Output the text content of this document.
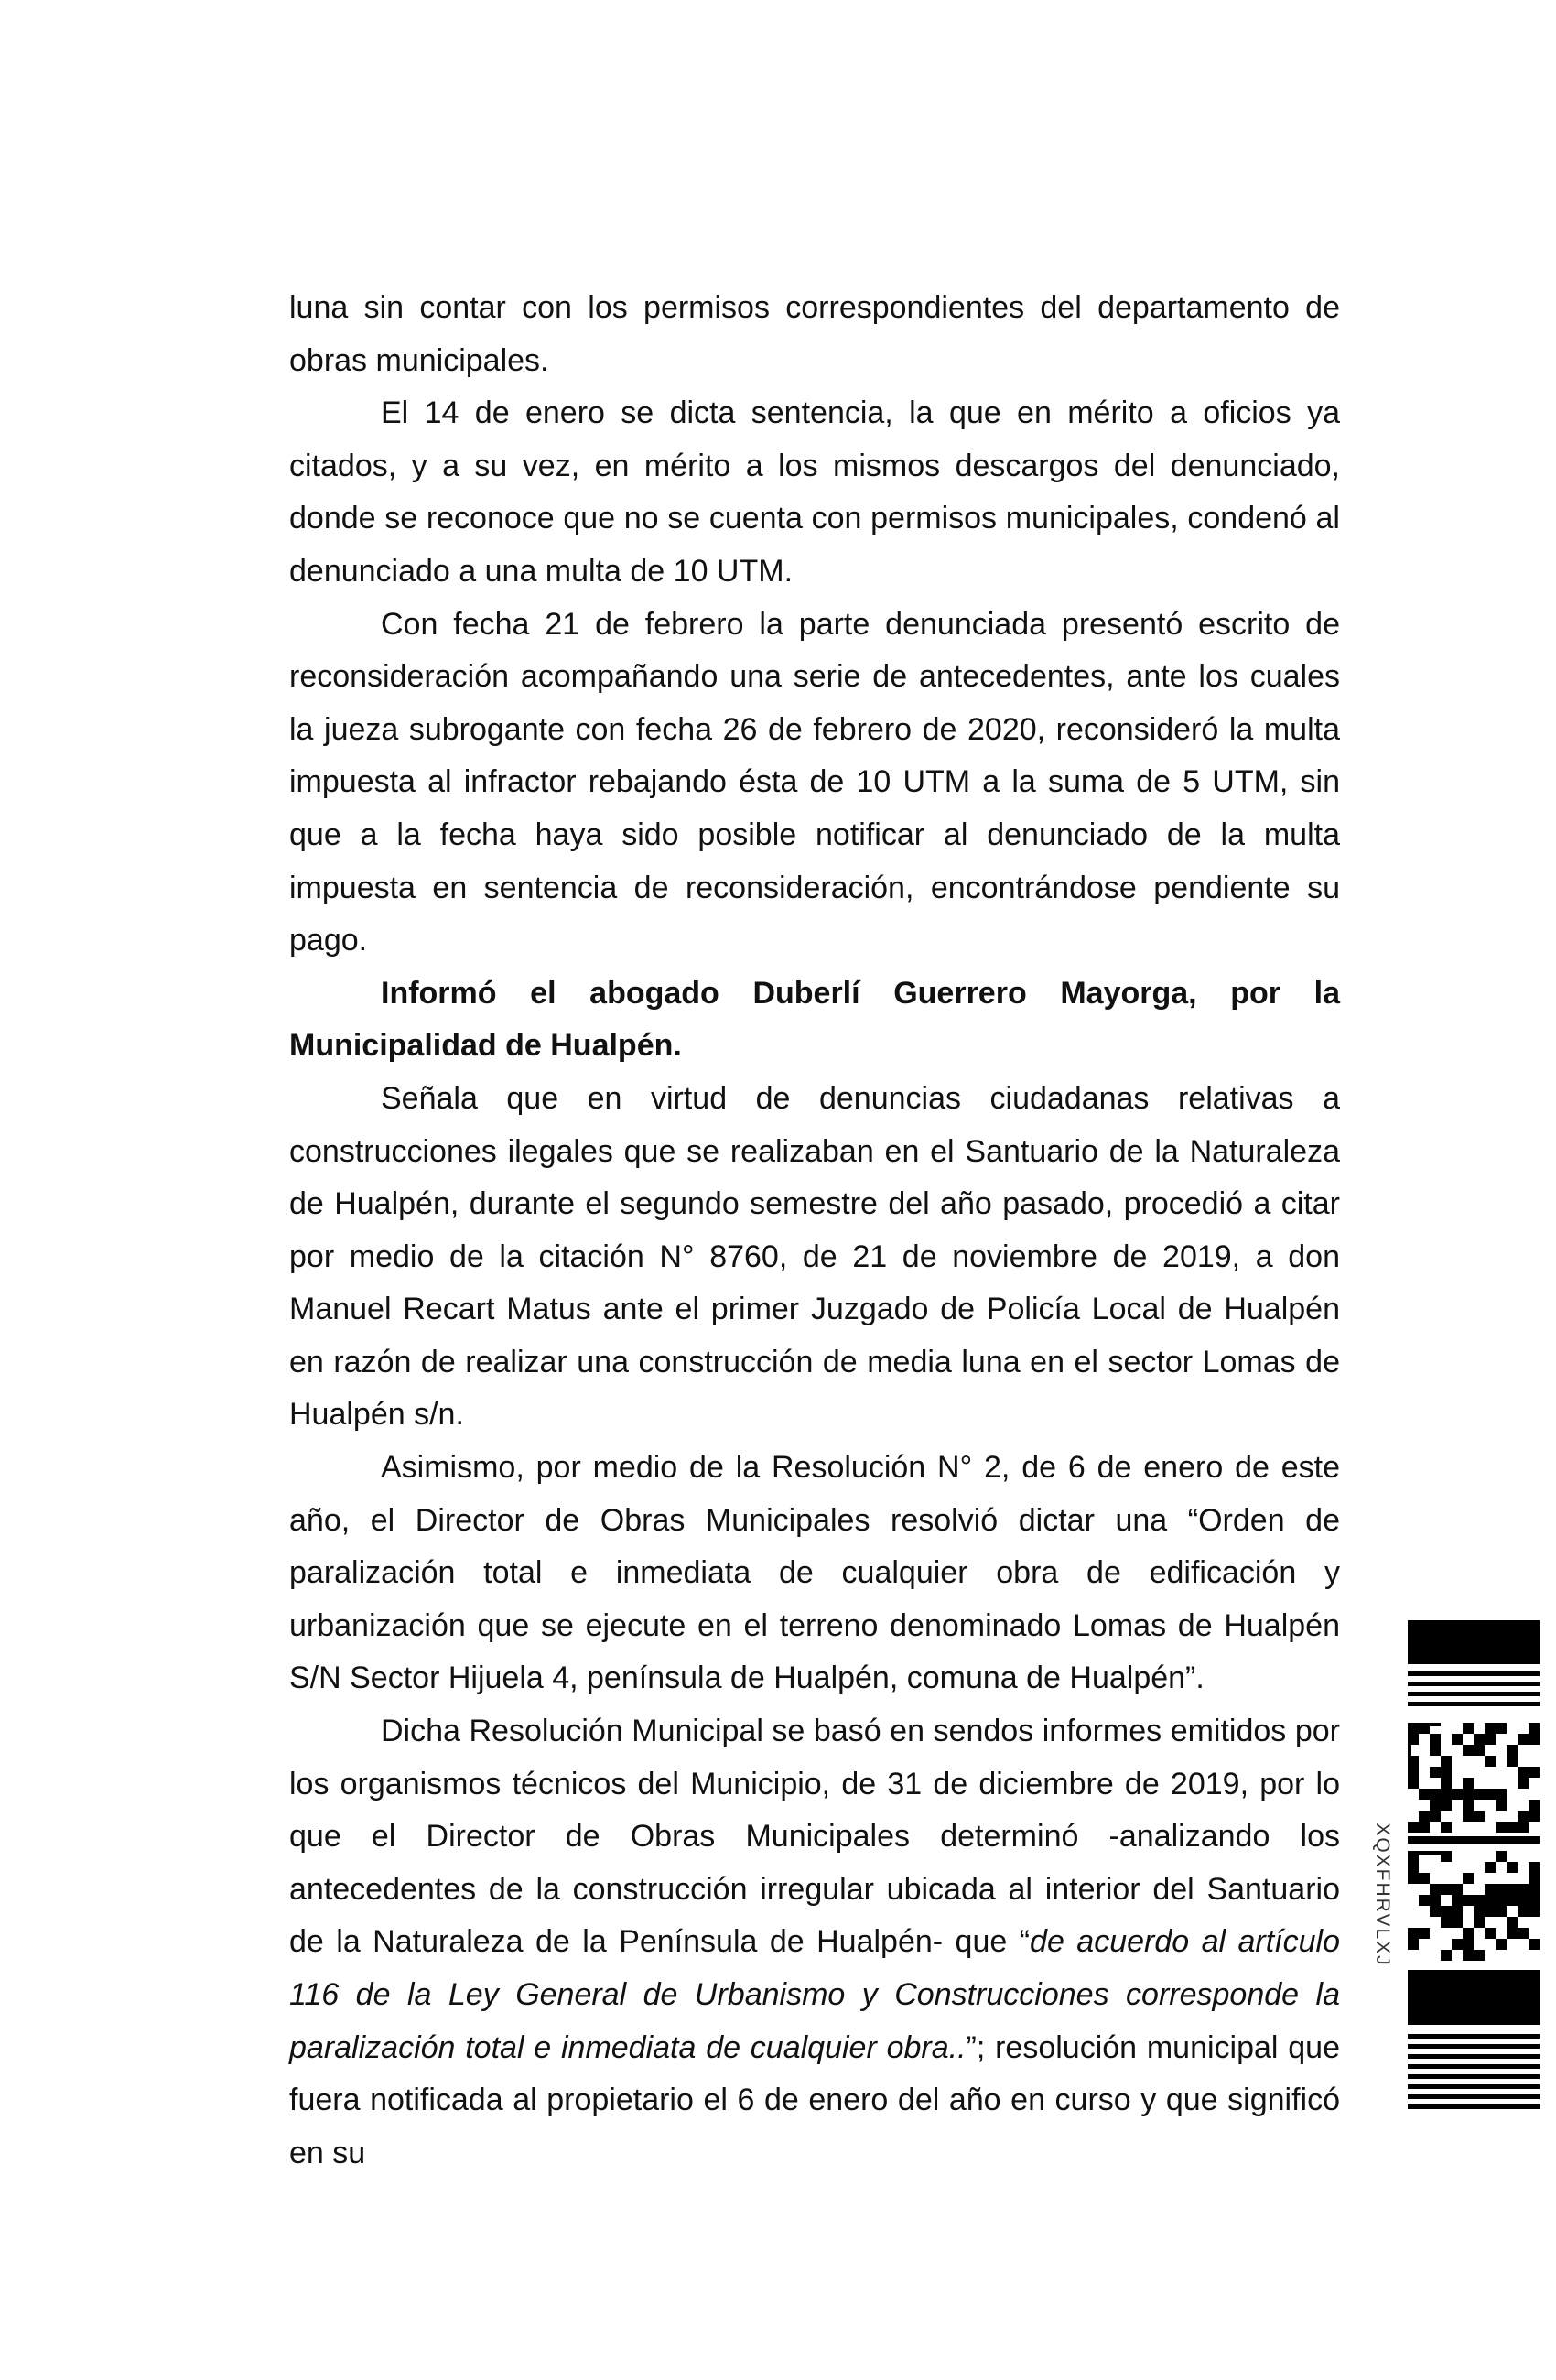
luna sin contar con los permisos correspondientes del departamento de obras municipales.

El 14 de enero se dicta sentencia, la que en mérito a oficios ya citados, y a su vez, en mérito a los mismos descargos del denunciado, donde se reconoce que no se cuenta con permisos municipales, condenó al denunciado a una multa de 10 UTM.

Con fecha 21 de febrero la parte denunciada presentó escrito de reconsideración acompañando una serie de antecedentes, ante los cuales la jueza subrogante con fecha 26 de febrero de 2020, reconsideró la multa impuesta al infractor rebajando ésta de 10 UTM a la suma de 5 UTM, sin que a la fecha haya sido posible notificar al denunciado de la multa impuesta en sentencia de reconsideración, encontrándose pendiente su pago.

Informó el abogado Duberlí Guerrero Mayorga, por la Municipalidad de Hualpén.

Señala que en virtud de denuncias ciudadanas relativas a construcciones ilegales que se realizaban en el Santuario de la Naturaleza de Hualpén, durante el segundo semestre del año pasado, procedió a citar por medio de la citación N° 8760, de 21 de noviembre de 2019, a don Manuel Recart Matus ante el primer Juzgado de Policía Local de Hualpén en razón de realizar una construcción de media luna en el sector Lomas de Hualpén s/n.

Asimismo, por medio de la Resolución N° 2, de 6 de enero de este año, el Director de Obras Municipales resolvió dictar una “Orden de paralización total e inmediata de cualquier obra de edificación y urbanización que se ejecute en el terreno denominado Lomas de Hualpén S/N Sector Hijuela 4, península de Hualpén, comuna de Hualpén”.

Dicha Resolución Municipal se basó en sendos informes emitidos por los organismos técnicos del Municipio, de 31 de diciembre de 2019, por lo que el Director de Obras Municipales determinó -analizando los antecedentes de la construcción irregular ubicada al interior del Santuario de la Naturaleza de la Península de Hualpén- que “de acuerdo al artículo 116 de la Ley General de Urbanismo y Construcciones corresponde la paralización total e inmediata de cualquier obra..”; resolución municipal que fuera notificada al propietario el 6 de enero del año en curso y que significó en su

XQXFHRVLXJ
